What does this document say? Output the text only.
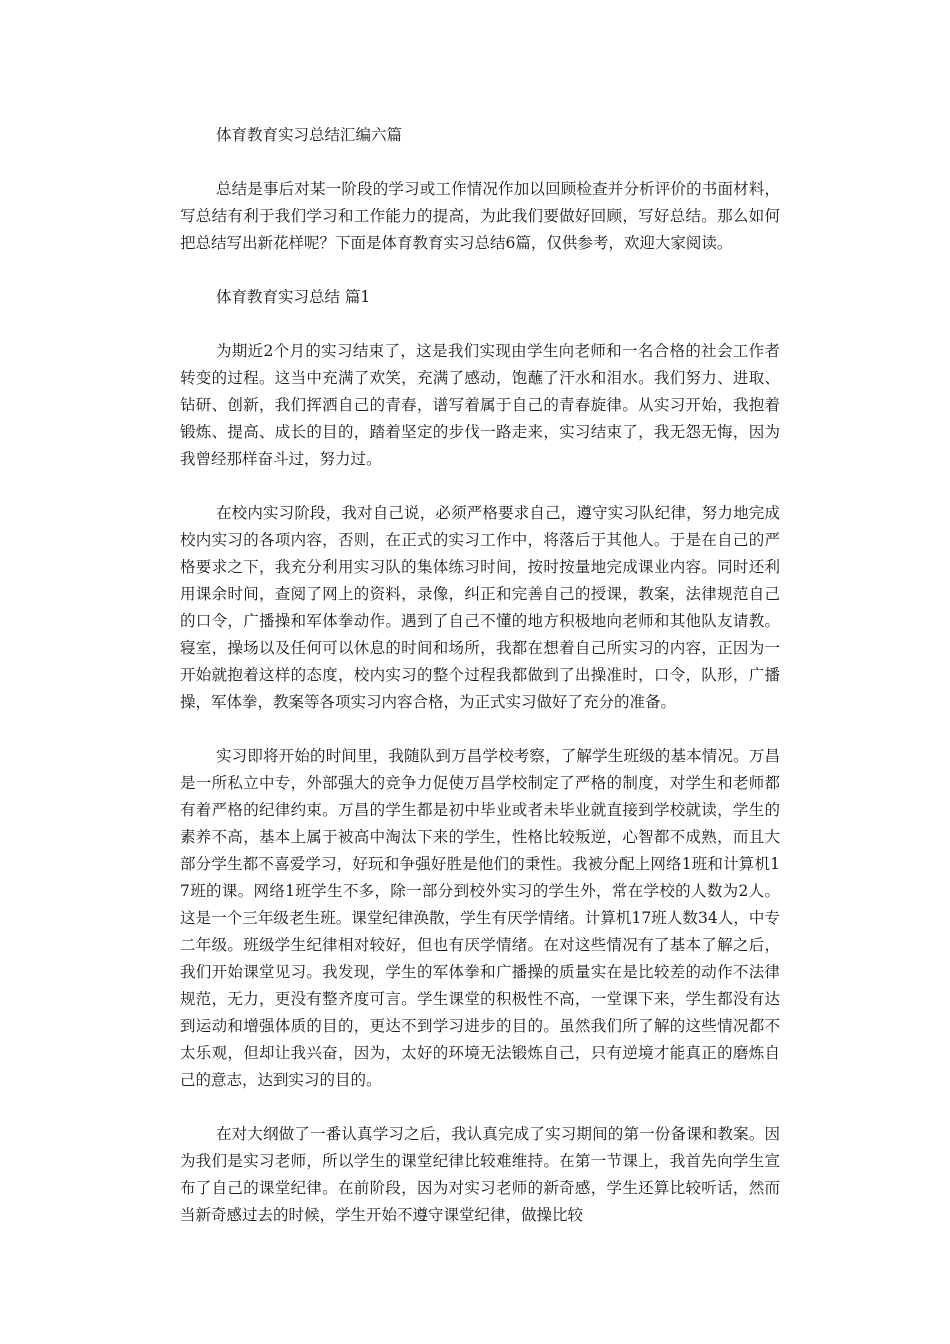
体育教育实习总结汇编六篇

总结是事后对某一阶段的学习或工作情况作加以回顾检查并分析评价的书面材料，写总结有利于我们学习和工作能力的提高，为此我们要做好回顾，写好总结。那么如何把总结写出新花样呢？下面是体育教育实习总结6篇，仅供参考，欢迎大家阅读。

体育教育实习总结 篇1

为期近2个月的实习结束了，这是我们实现由学生向老师和一名合格的社会工作者转变的过程。这当中充满了欢笑，充满了感动，饱蘸了汗水和泪水。我们努力、进取、钻研、创新，我们挥洒自己的青春，谱写着属于自己的青春旋律。从实习开始，我抱着锻炼、提高、成长的目的，踏着坚定的步伐一路走来，实习结束了，我无怨无悔，因为我曾经那样奋斗过，努力过。

在校内实习阶段，我对自己说，必须严格要求自己，遵守实习队纪律，努力地完成校内实习的各项内容，否则，在正式的实习工作中，将落后于其他人。于是在自己的严格要求之下，我充分利用实习队的集体练习时间，按时按量地完成课业内容。同时还利用课余时间，查阅了网上的资料，录像，纠正和完善自己的授课，教案，法律规范自己的口令，广播操和军体拳动作。遇到了自己不懂的地方积极地向老师和其他队友请教。寝室，操场以及任何可以休息的时间和场所，我都在想着自己所实习的内容，正因为一开始就抱着这样的态度，校内实习的整个过程我都做到了出操准时，口令，队形，广播操，军体拳，教案等各项实习内容合格，为正式实习做好了充分的准备。

实习即将开始的时间里，我随队到万昌学校考察，了解学生班级的基本情况。万昌是一所私立中专，外部强大的竞争力促使万昌学校制定了严格的制度，对学生和老师都有着严格的纪律约束。万昌的学生都是初中毕业或者未毕业就直接到学校就读，学生的素养不高，基本上属于被高中淘汰下来的学生，性格比较叛逆，心智都不成熟，而且大部分学生都不喜爱学习，好玩和争强好胜是他们的秉性。我被分配上网络1班和计算机17班的课。网络1班学生不多，除一部分到校外实习的学生外，常在学校的人数为2人。这是一个三年级老生班。课堂纪律涣散，学生有厌学情绪。计算机17班人数34人，中专二年级。班级学生纪律相对较好，但也有厌学情绪。在对这些情况有了基本了解之后，我们开始课堂见习。我发现，学生的军体拳和广播操的质量实在是比较差的动作不法律规范，无力，更没有整齐度可言。学生课堂的积极性不高，一堂课下来，学生都没有达到运动和增强体质的目的，更达不到学习进步的目的。虽然我们所了解的这些情况都不太乐观，但却让我兴奋，因为，太好的环境无法锻炼自己，只有逆境才能真正的磨炼自己的意志，达到实习的目的。

在对大纲做了一番认真学习之后，我认真完成了实习期间的第一份备课和教案。因为我们是实习老师，所以学生的课堂纪律比较难维持。在第一节课上，我首先向学生宣布了自己的课堂纪律。在前阶段，因为对实习老师的新奇感，学生还算比较听话，然而当新奇感过去的时候，学生开始不遵守课堂纪律，做操比较
